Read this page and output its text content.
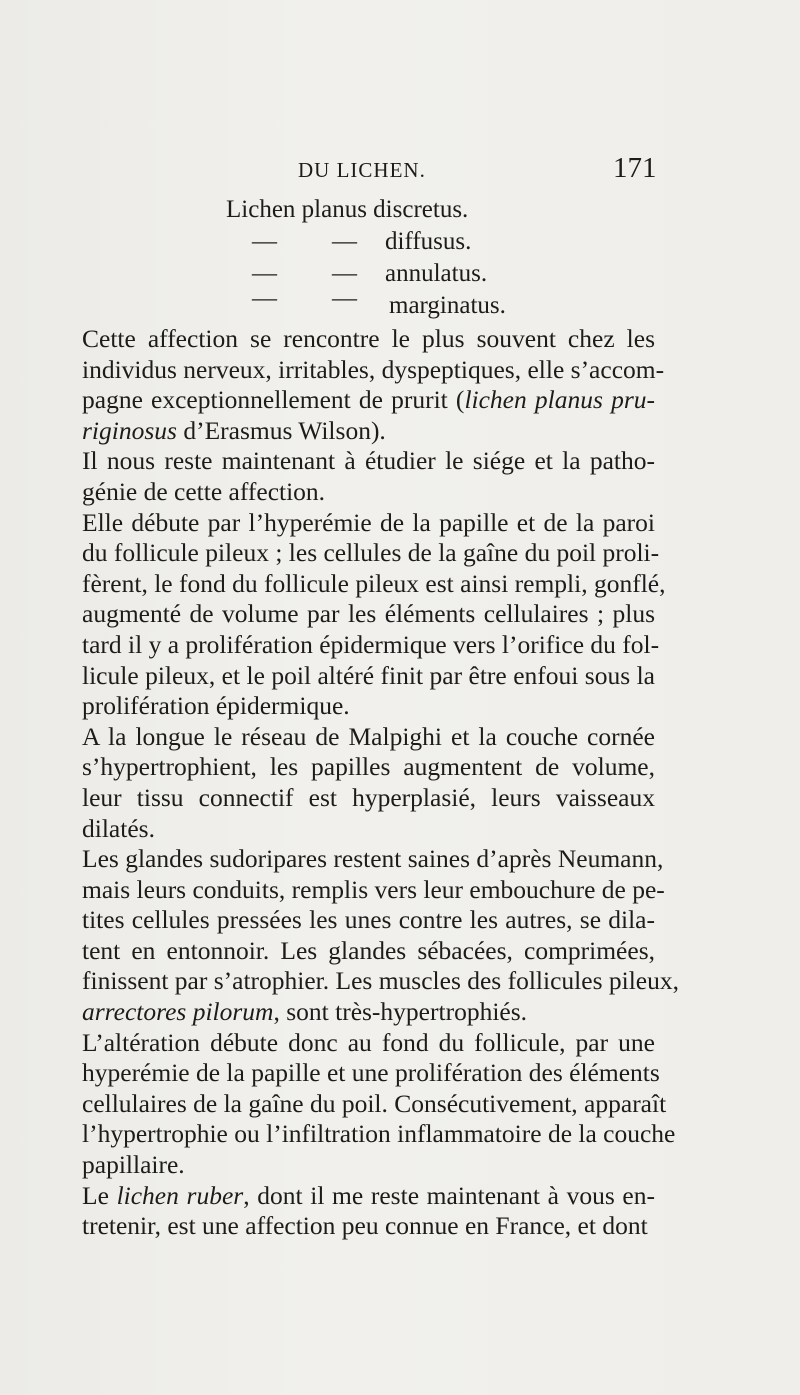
DU LICHEN.	171
Lichen planus discretus.
— — diffusus.
— — annulatus.
— — marginatus.

Cette affection se rencontre le plus souvent chez les
individus nerveux, irritables, dyspeptiques, elle s’accom-
pagne exceptionnellement de prurit (lichen planus pru-
riginosus d’Erasmus Wilson).

Il nous reste maintenant à étudier le siége et la patho-
génie de cette affection.

Elle débute par l’hyperémie de la papille et de la paroi
du follicule pileux ; les cellules de la gaîne du poil proli-
fèrent, le fond du follicule pileux est ainsi rempli, gonflé,
augmenté de volume par les éléments cellulaires ; plus
tard il y a prolifération épidermique vers l’orifice du fol-
licule pileux, et le poil altéré finit par être enfoui sous la
prolifération épidermique.

A la longue le réseau de Malpighi et la couche cornée
s’hypertrophient, les papilles augmentent de volume,
leur tissu connectif est hyperplasié, leurs vaisseaux
dilatés.

Les glandes sudoripares restent saines d’après Neumann,
mais leurs conduits, remplis vers leur embouchure de pe-
tites cellules pressées les unes contre les autres, se dila-
tent en entonnoir. Les glandes sébacées, comprimées,
finissent par s’atrophier. Les muscles des follicules pileux,
arrectores pilorum, sont très-hypertrophiés.

L’altération débute donc au fond du follicule, par une
hyperémie de la papille et une prolifération des éléments
cellulaires de la gaîne du poil. Consécutivement, apparaît
l’hypertrophie ou l’infiltration inflammatoire de la couche
papillaire.

Le lichen ruber, dont il me reste maintenant à vous en-
tretenir, est une affection peu connue en France, et dont
